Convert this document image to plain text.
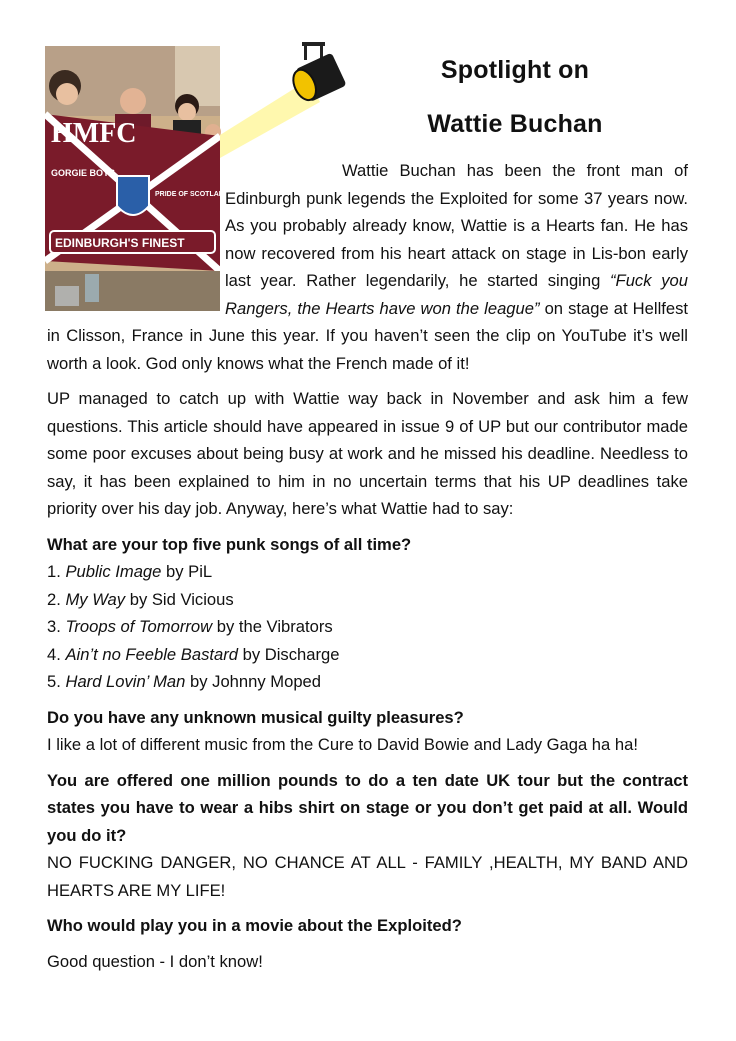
HMFC
GORGIE BOYS
PRIDE OF SCOTLAND
EDINBURGH'S FINEST
Spotlight on
Wattie Buchan

Wattie Buchan has been the front man of Edinburgh punk legends the Exploited for some 37 years now. As you probably already know, Wattie is a Hearts fan. He has now recovered from his heart attack on stage in Lis-bon early last year. Rather legendarily, he started singing “Fuck you Rangers, the Hearts have won the league” on stage at Hellfest in Clisson, France in June this year. If you haven’t seen the clip on YouTube it’s well worth a look. God only knows what the French made of it!

UP managed to catch up with Wattie way back in November and ask him a few questions. This article should have appeared in issue 9 of UP but our contributor made some poor excuses about being busy at work and he missed his deadline. Needless to say, it has been explained to him in no uncertain terms that his UP deadlines take priority over his day job. Anyway, here’s what Wattie had to say:

What are your top five punk songs of all time?
1. Public Image by PiL
2. My Way by Sid Vicious
3. Troops of Tomorrow by the Vibrators
4. Ain’t no Feeble Bastard by Discharge
5. Hard Lovin’ Man by Johnny Moped

Do you have any unknown musical guilty pleasures?
I like a lot of different music from the Cure to David Bowie and Lady Gaga ha ha!

You are offered one million pounds to do a ten date UK tour but the contract states you have to wear a hibs shirt on stage or you don’t get paid at all. Would you do it?
NO FUCKING DANGER, NO CHANCE AT ALL - FAMILY ,HEALTH, MY BAND AND HEARTS ARE MY LIFE!

Who would play you in a movie about the Exploited?

Good question - I don’t know!
